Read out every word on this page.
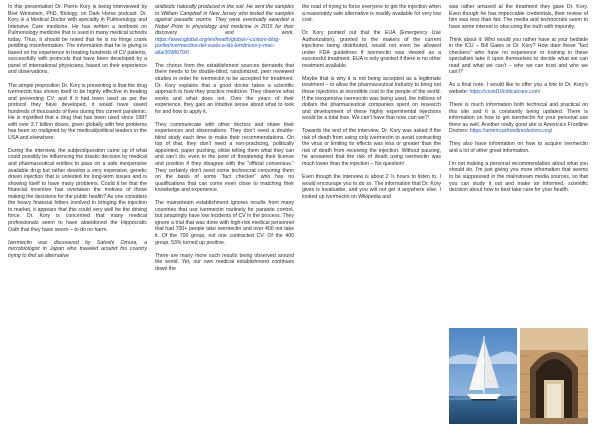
In this presentation Dr. Pierre Kory is being interviewed by Bret Weinstein, PhD, Biology, on Dark Horse podcast. Dr. Kory is a Medical Doctor with specialty in Pulmonology and Intensive Care medicine. He has written a textbook on Pulmonology medicine that is used in many medical schools today. Thus, it should be noted that he is no fringe crank peddling misinformation. The information that he is giving is based on his experience in treating hundreds of CV patients, successfully with protocols that have been developed by a panel of international physicians, based on their experience and observations.

The simple proposition Dr. Kory is presenting is that the drug ivermectin has shown itself to be highly effective in treating and preventing CV; and if it had been used as per the protocol they have developed, it would have saved hundreds of thousands of lives during this current pandemic. He is mystified that a drug that has been used since 1987 with over 3.7 billion doses, given globally with few problems has been so maligned by the medical/political leaders in the USA and elsewhere.

During the interview, the subject/question came up of what could possibly be influencing the drastic decision by medical and pharmaceutical entities to pass on a safe inexpensive available drug but rather develop a very expensive, genetic driven injection that is untested for long-term issues and is showing itself to have many problems. Could it be that the financial incentive has overtaken the motives of those making the decisions for the public health? As one considers the heavy financial hitters involved in bringing the injection to market, it appears that this could very well be the driving force. Dr. Kory is concerned that many medical professionals seem to have abandoned the Hippocratic Oath that they have sworn – to do no harm.

Ivermectin was discovered by Satoshi Omura, a microbiologist in Japan who traveled around his country trying to find an alternative

antibiotic naturally produced in the soil. He sent the samples to William Campbell in New Jersey who tested the samples against parasitic worms. They were eventually awarded a Nobel Prize in physiology and medicine in 2015 for their discovery and work. https://www.iglobal.org/en/health/global-/-custom-blog-portlet/ivermectina-del-suelo-a-las-lombrices-y-mas-alla/3098670/0

The chorus from the establishment sources demands that there needs to be double-blind, randomized, peer reviewed studies in order for ivermectin to be accepted for treatment. Dr. Kory explains that a good doctor takes a scientific approach to how they practice medicine. They observe what works and what does not. Over the years of their experience, they gain an intuitive sense about what to look for and how to apply it.

They communicate with other doctors and share their experiences and observations. They don’t need a double-blind study each time to make their recommendations. On top of that, they don’t need a non-practicing, politically appointed, paper pushing, elitist telling them what they can and can’t do; even to the point of threatening their license and position if they disagree with the “official consensus.” They certainly don’t need some technocrat censoring them on the basis of some “fact checker” who has no qualifications that can come even close to matching their knowledge and experience.

The mainstream establishment ignores results from many countries that use ivermectin routinely for parasite control, but amazingly have low incidents of CV in the process. They ignore a trial that was done with high-risk medical personnel that had 700+ people take ivermectin and over 400 not take it. Of the 700 group, not one contracted CV. Of the 400 group, 53% turned up positive.

There are many more such results being observed around the world. Yet, our own medical establishment continues down the

the road of trying to force everyone to get the injection when a reasonably safe alternative is readily available for very low cost.

Dr. Kory pointed out that the EUA (Emergency Use Authorization), granted to the makers of the current injections being distributed, would not even be allowed under FDA guidelines if ivermectin was viewed as a successful treatment. EUA is only granted if there is no other treatment available.

Maybe that is why it is not being accepted as a legitimate treatment – to allow the pharmaceutical industry to bring out these injections at incredible cost to the people of the world. If the inexpensive ivermectin was being used, the millions of dollars the pharmaceutical companies spent on research and development of these highly experimental injections would be a total loss. We can’t have that now, can we?!

Towards the end of the interview, Dr. Kory was asked if the risk of death from using only ivermectin to avoid contracting the virus or limiting its effects was less or greater than the risk of death from receiving the injection. Without pausing, he answered that the risk of death using ivermectin was much lower than the injection – No question!

Even though the interview is about 2 ½ hours to listen to, I would encourage you to do so. The information that Dr. Kory gives is invaluable, and you will not get it anywhere else. I looked up ivermectin on Wikipedia and

was rather amused at the treatment they gave Dr. Kory. Even though he has impeccable credentials, their review of him was less than fair. The media and technocrats seem to have some interest in obscuring the truth with impunity.

Think about it: Who would you rather have at your bedside in the ICU – Bill Gates or Dr. Kory? How dare these “fact checkers” who have no experience or training in these specialties take it upon themselves to decide what we can read and what we can’t – who we can trust and who we can’t?

As a final note, I would like to offer you a link to Dr. Kory’s website: https://covid19criticalcare.com/

There is much information both technical and practical on this site and it is constantly being updated. There is information on how to get ivermectin for your personal use there as well. Another really good site is America’s Frontline Doctors: https://americasfrontlinedoctors.org/

They also have information on how to acquire ivermectin and a lot of other great information.

I’m not making a personal recommendation about what you should do. I’m just giving you more information that seems to be suppressed in the mainstream media sources, so that you can study it out and make an informed, scientific decision about how to best take care for your health.
